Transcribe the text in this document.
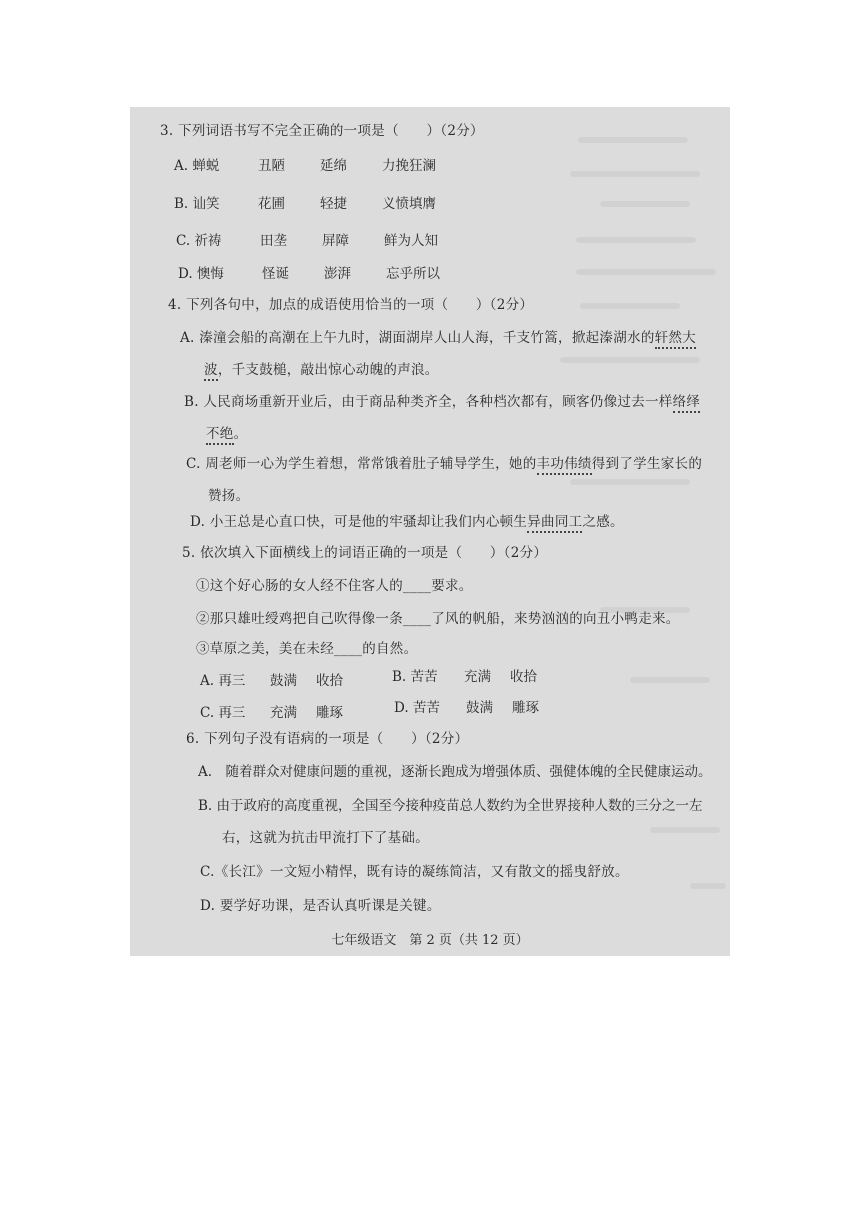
3. 下列词语书写不完全正确的一项是（　　）（2分）
A. 蝉蜕	丑陋	延绵	力挽狂澜
B. 讪笑	花圃	轻捷	义愤填膺
C. 祈祷	田垄	屏障	鲜为人知
D. 懊悔	怪诞	澎湃	忘乎所以
4. 下列各句中，加点的成语使用恰当的一项（　　）（2分）
A. 溱潼会船的高潮在上午九时，湖面湖岸人山人海，千支竹篙，掀起溱湖水的轩然大
波，千支鼓槌，敲出惊心动魄的声浪。
B. 人民商场重新开业后，由于商品种类齐全，各种档次都有，顾客仍像过去一样络绎
不绝。
C. 周老师一心为学生着想，常常饿着肚子辅导学生，她的丰功伟绩得到了学生家长的
赞扬。
D. 小王总是心直口快，可是他的牢骚却让我们内心顿生异曲同工之感。
5. 依次填入下面横线上的词语正确的一项是（　　）（2分）
①这个好心肠的女人经不住客人的____要求。
②那只雄吐绶鸡把自己吹得像一条____了风的帆船，来势汹汹的向丑小鸭走来。
③草原之美，美在未经____的自然。
A. 再三 鼓满 收拾	B. 苦苦 充满 收拾
C. 再三 充满 雕琢	D. 苦苦 鼓满 雕琢
6. 下列句子没有语病的一项是（　　）（2分）
A.　随着群众对健康问题的重视，逐渐长跑成为增强体质、强健体魄的全民健康运动。
B. 由于政府的高度重视，全国至今接种疫苗总人数约为全世界接种人数的三分之一左
右，这就为抗击甲流打下了基础。
C.《长江》一文短小精悍，既有诗的凝练简洁，又有散文的摇曳舒放。
D. 要学好功课，是否认真听课是关键。
七年级语文　第 2 页（共 12 页）
